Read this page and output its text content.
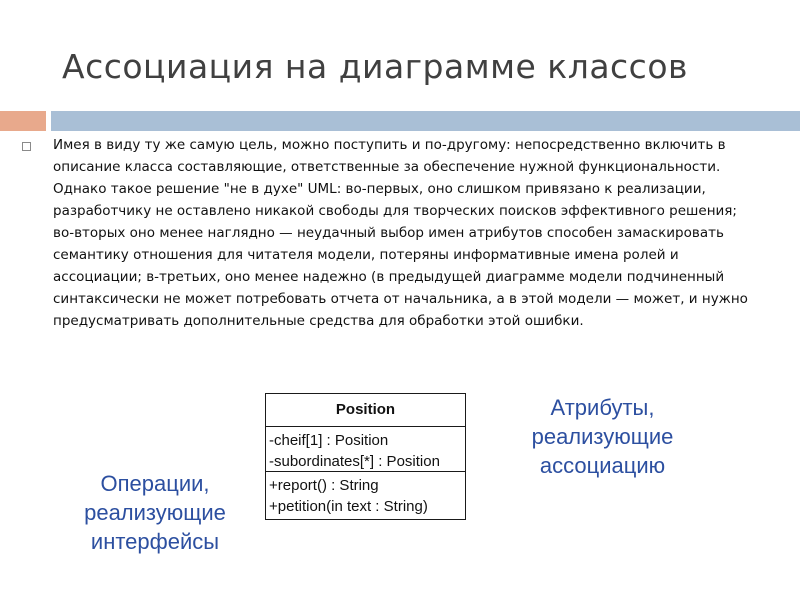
Ассоциация на диаграмме классов
Имея в виду ту же самую цель, можно поступить и по-другому: непосредственно включить в
описание класса составляющие, ответственные за обеспечение нужной функциональности.
Однако такое решение "не в духе" UML: во-первых, оно слишком привязано к реализации,
разработчику не оставлено никакой свободы для творческих поисков эффективного решения;
во-вторых оно менее наглядно — неудачный выбор имен атрибутов способен замаскировать
семантику отношения для читателя модели, потеряны информативные имена ролей и
ассоциации; в-третьих, оно менее надежно (в предыдущей диаграмме модели подчиненный
синтаксически не может потребовать отчета от начальника, а в этой модели — может, и нужно
предусматривать дополнительные средства для обработки этой ошибки.
Position
-cheif[1] : Position
-subordinates[*] : Position
+report() : String
+petition(in text : String)
Операции,
реализующие
интерфейсы
Атрибуты,
реализующие
ассоциацию
